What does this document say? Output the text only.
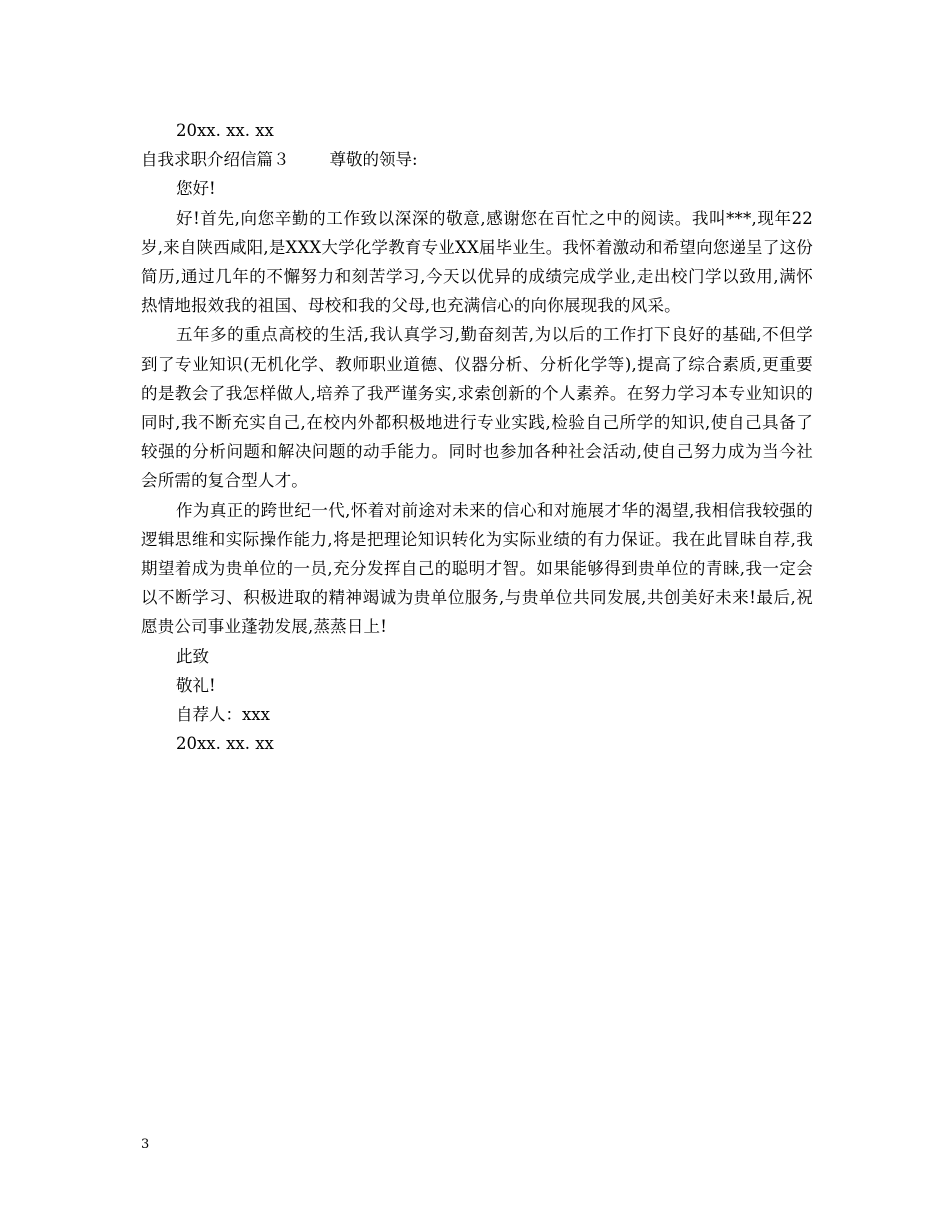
20xx. xx. xx
自我求职介绍信篇３ 尊敬的领导:
您好!
好!首先,向您辛勤的工作致以深深的敬意,感谢您在百忙之中的阅读。我叫***,现年22岁,来自陕西咸阳,是XXX大学化学教育专业XX届毕业生。我怀着激动和希望向您递呈了这份简历,通过几年的不懈努力和刻苦学习,今天以优异的成绩完成学业,走出校门学以致用,满怀热情地报效我的祖国、母校和我的父母,也充满信心的向你展现我的风采。
五年多的重点高校的生活,我认真学习,勤奋刻苦,为以后的工作打下良好的基础,不但学到了专业知识(无机化学、教师职业道德、仪器分析、分析化学等),提高了综合素质,更重要的是教会了我怎样做人,培养了我严谨务实,求索创新的个人素养。在努力学习本专业知识的同时,我不断充实自己,在校内外都积极地进行专业实践,检验自己所学的知识,使自己具备了较强的分析问题和解决问题的动手能力。同时也参加各种社会活动,使自己努力成为当今社会所需的复合型人才。
作为真正的跨世纪一代,怀着对前途对未来的信心和对施展才华的渴望,我相信我较强的逻辑思维和实际操作能力,将是把理论知识转化为实际业绩的有力保证。我在此冒昧自荐,我期望着成为贵单位的一员,充分发挥自己的聪明才智。如果能够得到贵单位的青睐,我一定会以不断学习、积极进取的精神竭诚为贵单位服务,与贵单位共同发展,共创美好未来!最后,祝愿贵公司事业蓬勃发展,蒸蒸日上!
此致
敬礼!
自荐人：xxx
20xx. xx. xx
3
